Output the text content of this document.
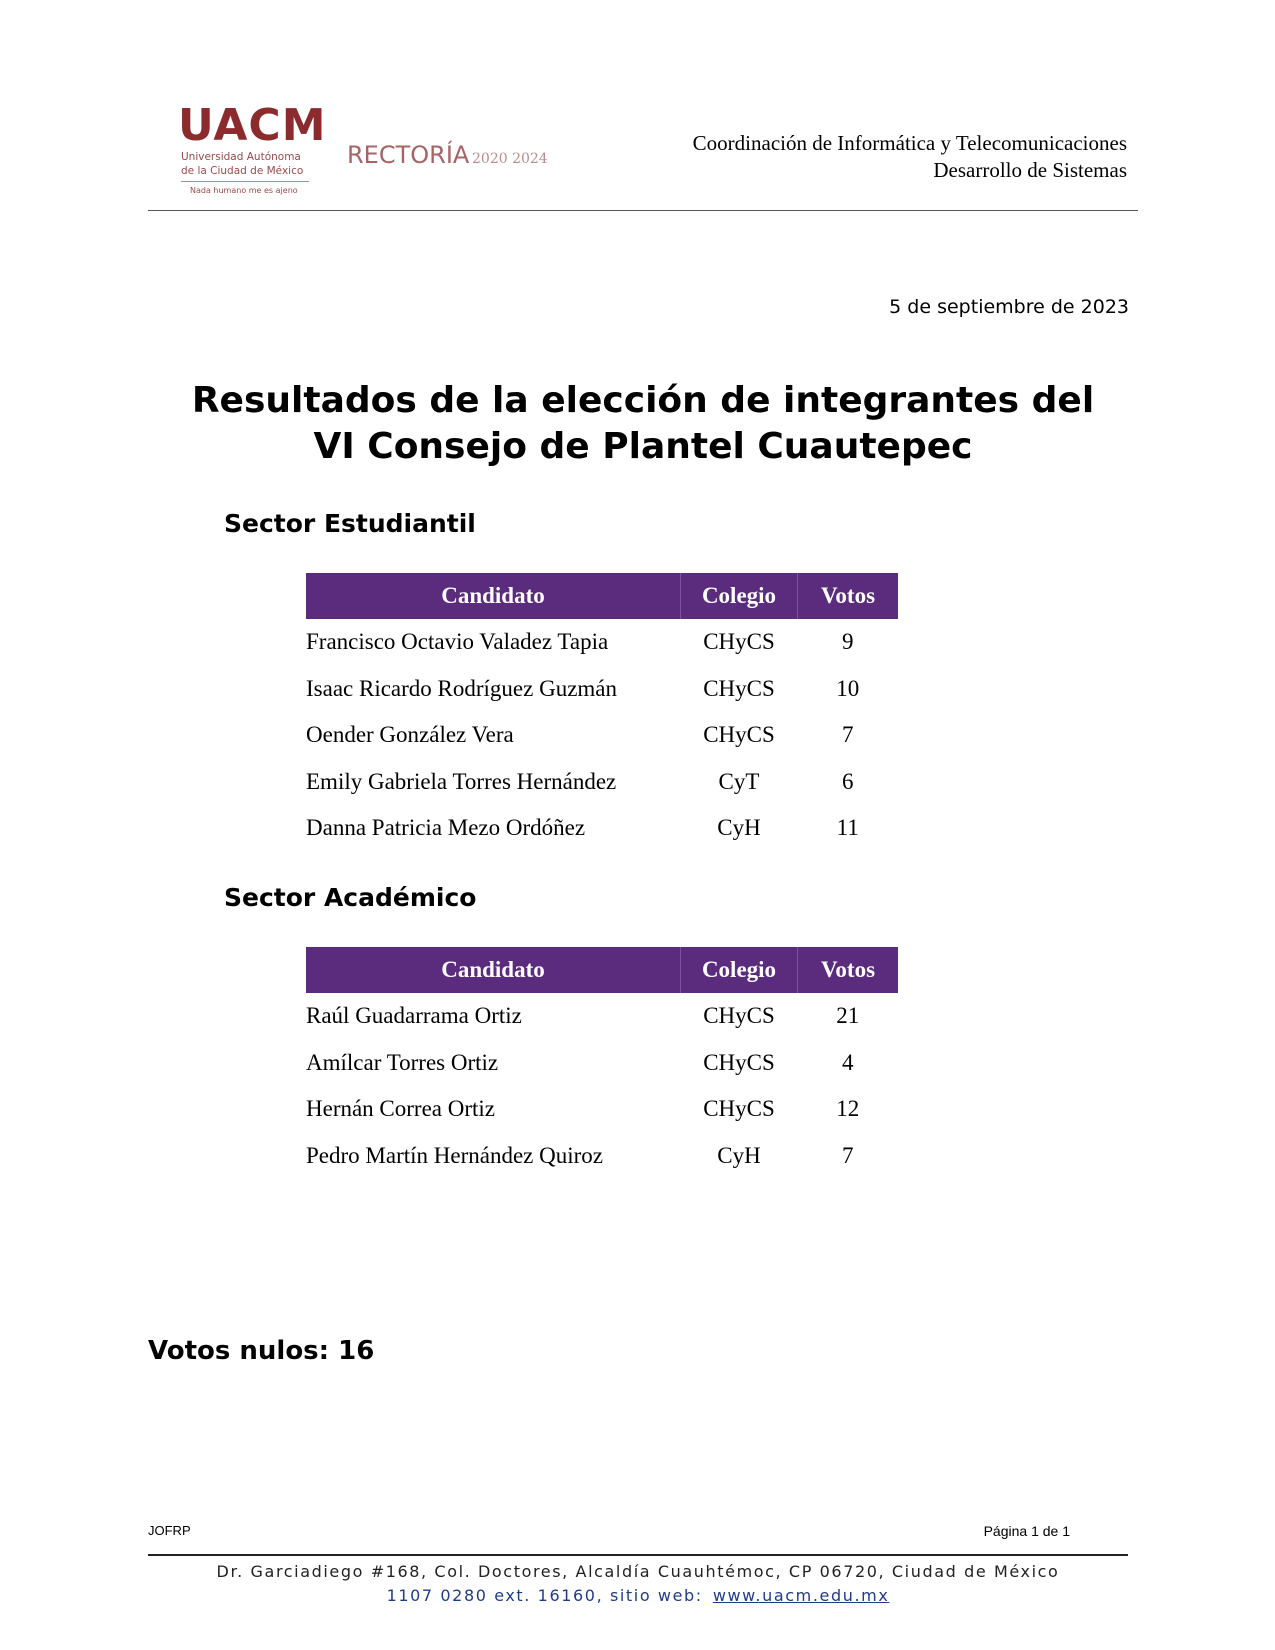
UACM
Universidad Autónoma
de la Ciudad de México
Nada humano me es ajeno
RECTORÍA 2020 2024
Coordinación de Informática y Telecomunicaciones
Desarrollo de Sistemas
5 de septiembre de 2023
Resultados de la elección de integrantes del
VI Consejo de Plantel Cuautepec
Sector Estudiantil
Candidato	Colegio	Votos
Francisco Octavio Valadez Tapia	CHyCS	9
Isaac Ricardo Rodríguez Guzmán	CHyCS	10
Oender González Vera	CHyCS	7
Emily Gabriela Torres Hernández	CyT	6
Danna Patricia Mezo Ordóñez	CyH	11
Sector Académico
Candidato	Colegio	Votos
Raúl Guadarrama Ortiz	CHyCS	21
Amílcar Torres Ortiz	CHyCS	4
Hernán Correa Ortiz	CHyCS	12
Pedro Martín Hernández Quiroz	CyH	7
Votos nulos: 16
JOFRP	Página 1 de 1
Dr. Garciadiego #168, Col. Doctores, Alcaldía Cuauhtémoc, CP 06720, Ciudad de México
1107 0280 ext. 16160, sitio web: www.uacm.edu.mx
